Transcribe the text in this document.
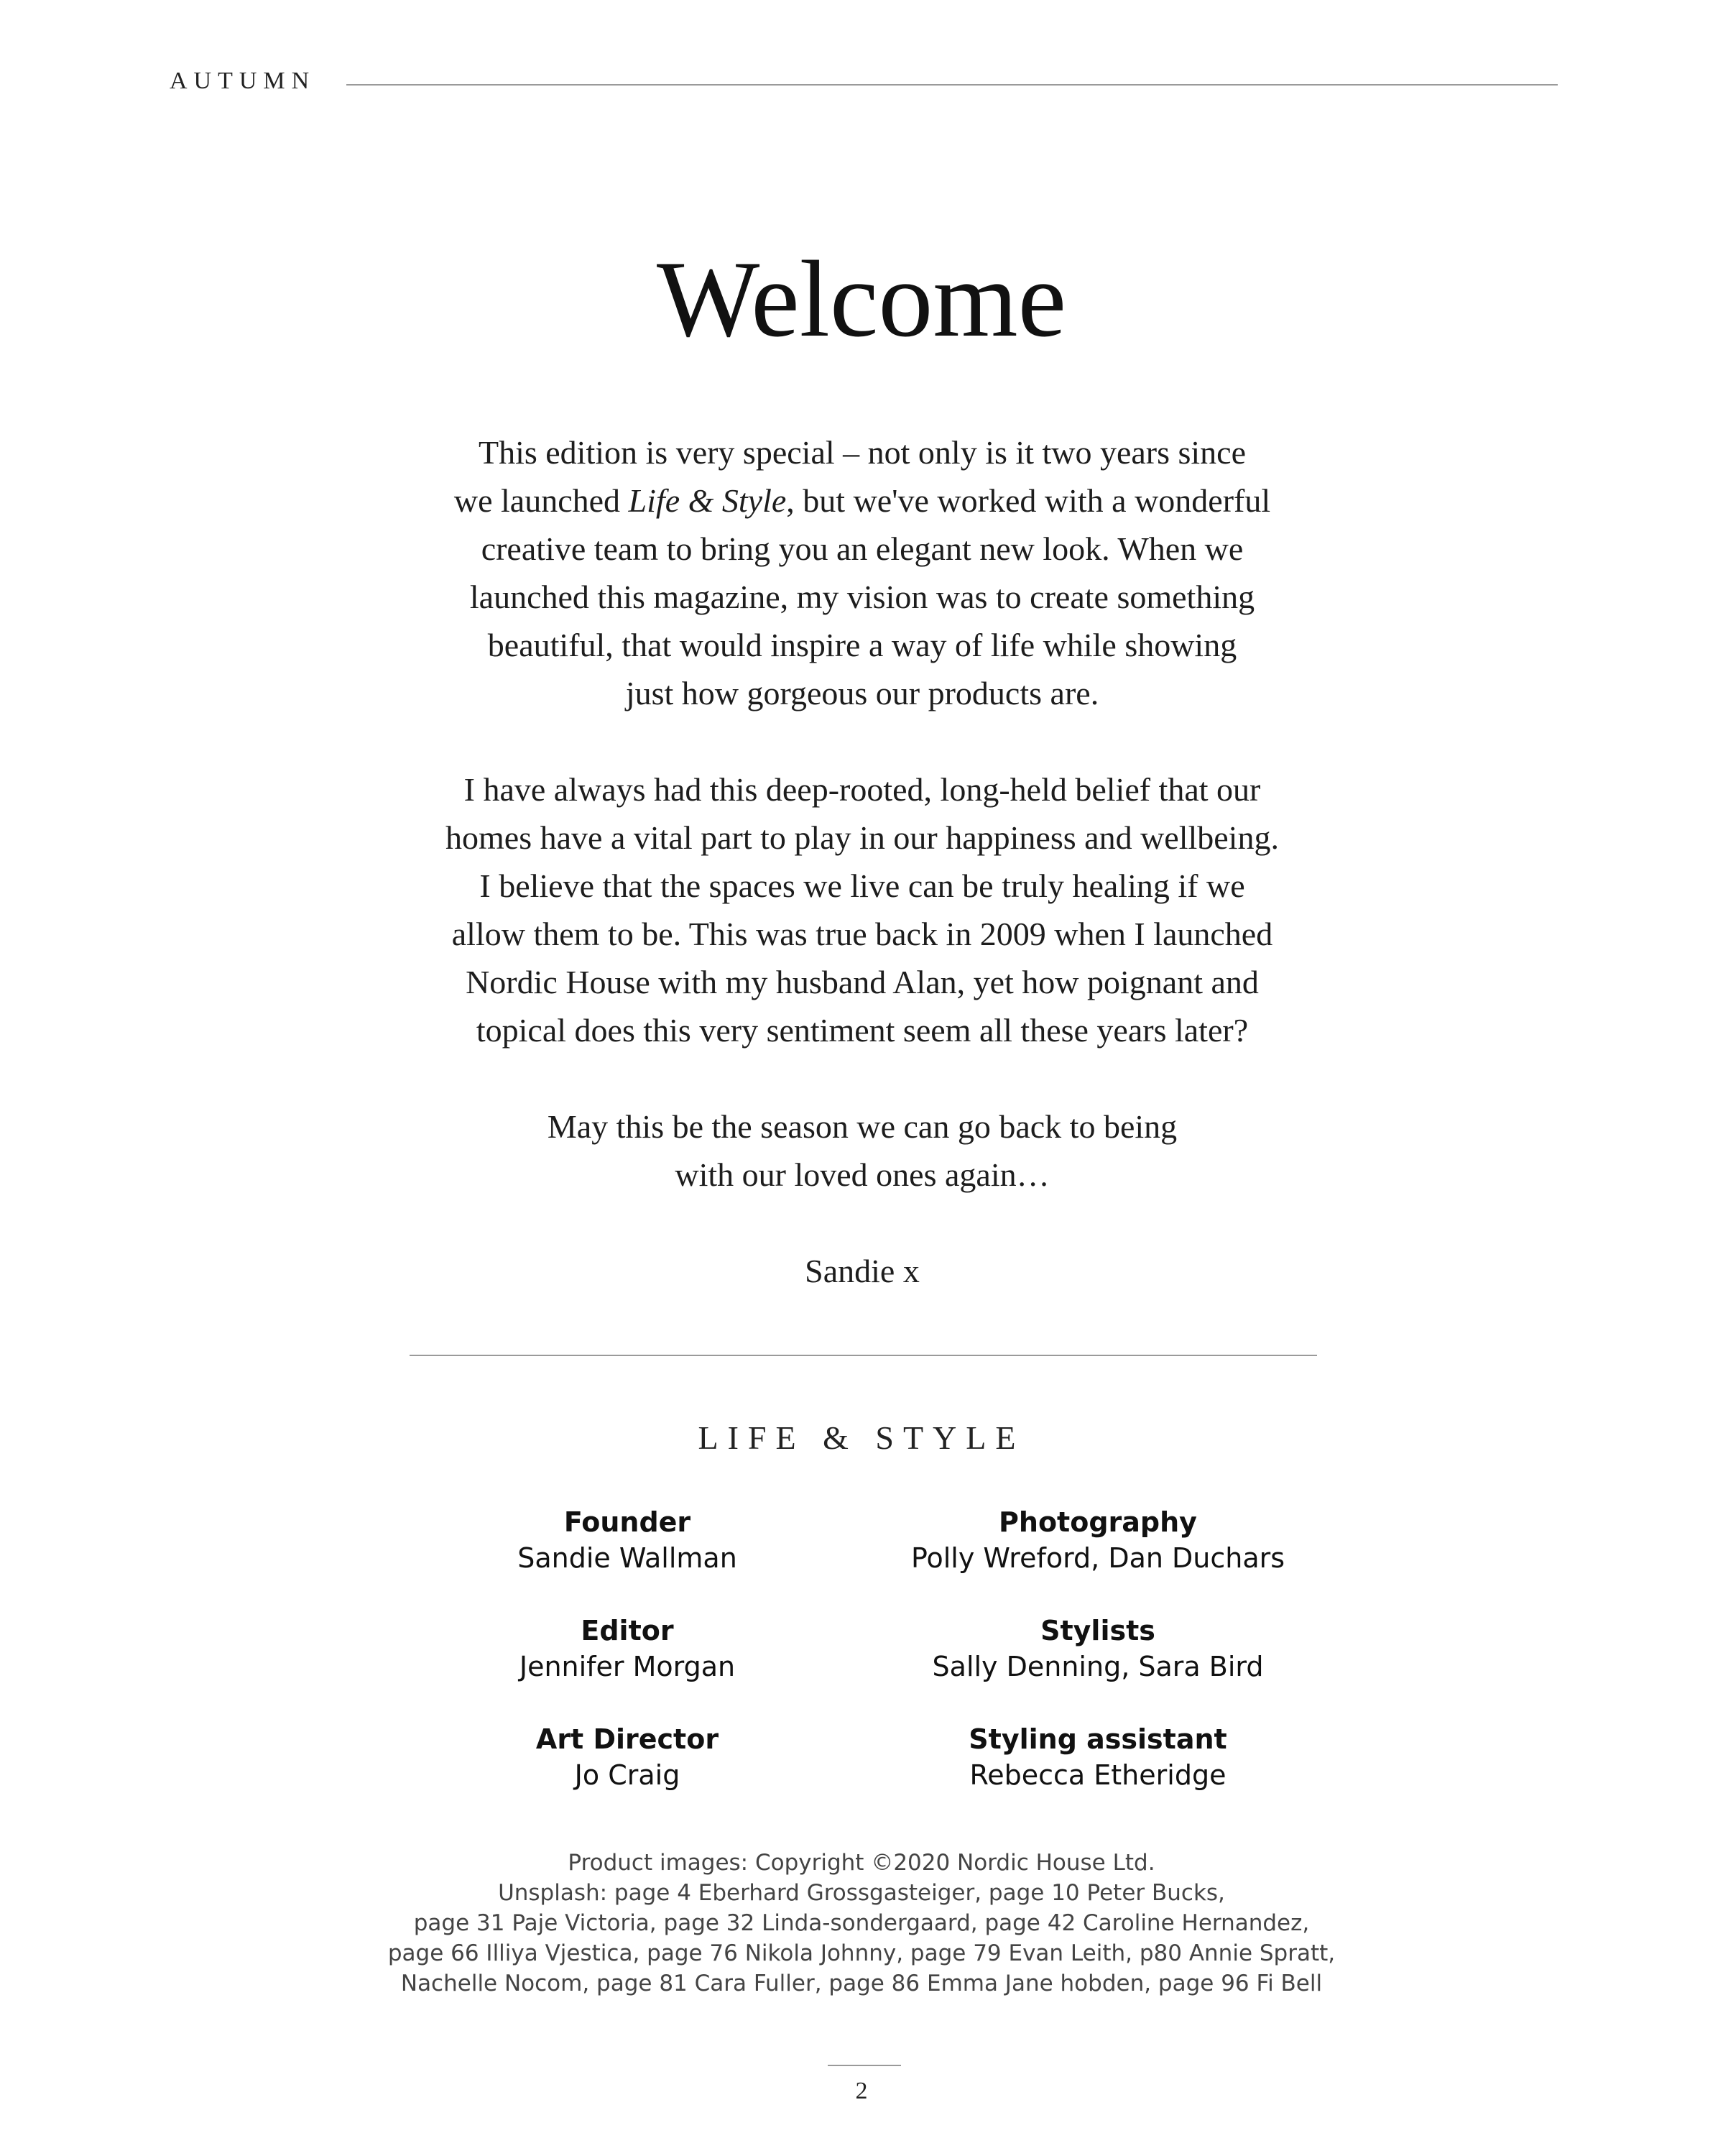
AUTUMN
Welcome

This edition is very special – not only is it two years since
we launched Life & Style, but we've worked with a wonderful
creative team to bring you an elegant new look. When we
launched this magazine, my vision was to create something
beautiful, that would inspire a way of life while showing
just how gorgeous our products are.

I have always had this deep-rooted, long-held belief that our
homes have a vital part to play in our happiness and wellbeing.
I believe that the spaces we live can be truly healing if we
allow them to be. This was true back in 2009 when I launched
Nordic House with my husband Alan, yet how poignant and
topical does this very sentiment seem all these years later?

May this be the season we can go back to being
with our loved ones again…

Sandie x

LIFE & STYLE
Founder
Sandie Wallman
Editor
Jennifer Morgan
Art Director
Jo Craig
Photography
Polly Wreford, Dan Duchars
Stylists
Sally Denning, Sara Bird
Styling assistant
Rebecca Etheridge
Product images: Copyright ©2020 Nordic House Ltd.
Unsplash: page 4 Eberhard Grossgasteiger, page 10 Peter Bucks,
page 31 Paje Victoria, page 32 Linda-sondergaard, page 42 Caroline Hernandez,
page 66 Illiya Vjestica, page 76 Nikola Johnny, page 79 Evan Leith, p80 Annie Spratt,
Nachelle Nocom, page 81 Cara Fuller, page 86 Emma Jane hobden, page 96 Fi Bell
2
